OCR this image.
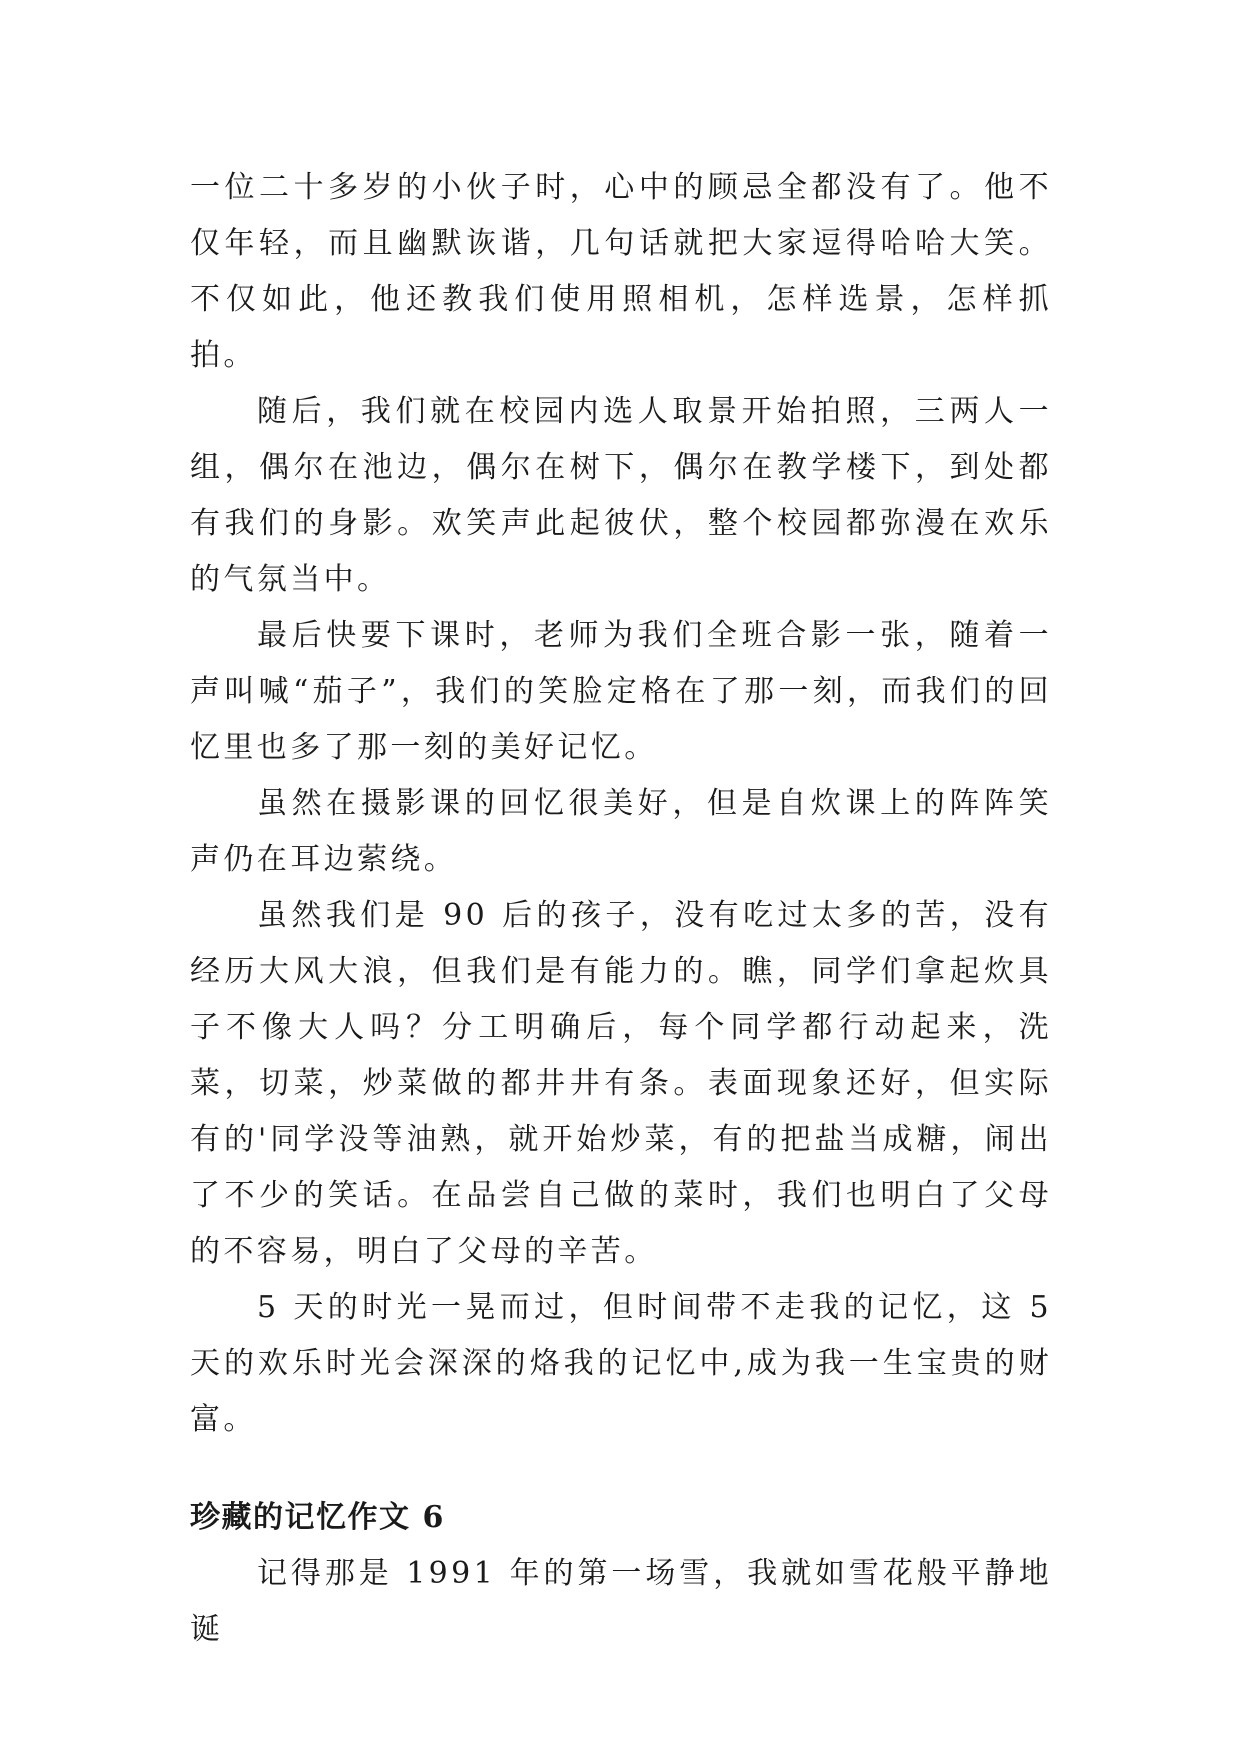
一位二十多岁的小伙子时，心中的顾忌全都没有了。他不仅年轻，而且幽默诙谐，几句话就把大家逗得哈哈大笑。不仅如此，他还教我们使用照相机，怎样选景，怎样抓拍。

随后，我们就在校园内选人取景开始拍照，三两人一组，偶尔在池边，偶尔在树下，偶尔在教学楼下，到处都有我们的身影。欢笑声此起彼伏，整个校园都弥漫在欢乐的气氛当中。

最后快要下课时，老师为我们全班合影一张，随着一声叫喊“茄子”，我们的笑脸定格在了那一刻，而我们的回忆里也多了那一刻的美好记忆。

虽然在摄影课的回忆很美好，但是自炊课上的阵阵笑声仍在耳边萦绕。

虽然我们是 90 后的孩子，没有吃过太多的苦，没有经历大风大浪，但我们是有能力的。瞧，同学们拿起炊具子不像大人吗？分工明确后，每个同学都行动起来，洗菜，切菜，炒菜做的都井井有条。表面现象还好，但实际有的'同学没等油熟，就开始炒菜，有的把盐当成糖，闹出了不少的笑话。在品尝自己做的菜时，我们也明白了父母的不容易，明白了父母的辛苦。

5 天的时光一晃而过，但时间带不走我的记忆，这 5 天的欢乐时光会深深的烙我的记忆中,成为我一生宝贵的财富。

珍藏的记忆作文 6

记得那是 1991 年的第一场雪，我就如雪花般平静地诞
